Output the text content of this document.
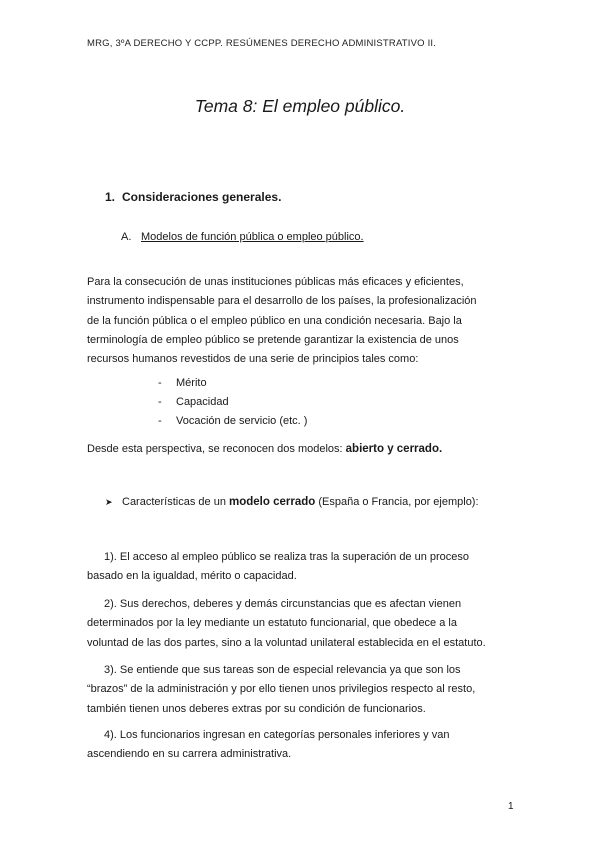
MRG, 3ºA DERECHO Y CCPP. RESÚMENES DERECHO ADMINISTRATIVO II.
Tema 8: El empleo público.
1. Consideraciones generales.
A. Modelos de función pública o empleo público.
Para la consecución de unas instituciones públicas más eficaces y eficientes,
instrumento indispensable para el desarrollo de los países, la profesionalización
de la función pública o el empleo público en una condición necesaria. Bajo la
terminología de empleo público se pretende garantizar la existencia de unos
recursos humanos revestidos de una serie de principios tales como:
- Mérito
- Capacidad
- Vocación de servicio (etc. )
Desde esta perspectiva, se reconocen dos modelos: abierto y cerrado.
➤ Características de un modelo cerrado (España o Francia, por ejemplo):
1). El acceso al empleo público se realiza tras la superación de un proceso
basado en la igualdad, mérito o capacidad.
2). Sus derechos, deberes y demás circunstancias que es afectan vienen
determinados por la ley mediante un estatuto funcionarial, que obedece a la
voluntad de las dos partes, sino a la voluntad unilateral establecida en el estatuto.
3). Se entiende que sus tareas son de especial relevancia ya que son los
“brazos” de la administración y por ello tienen unos privilegios respecto al resto,
también tienen unos deberes extras por su condición de funcionarios.
4). Los funcionarios ingresan en categorías personales inferiores y van
ascendiendo en su carrera administrativa.
1
